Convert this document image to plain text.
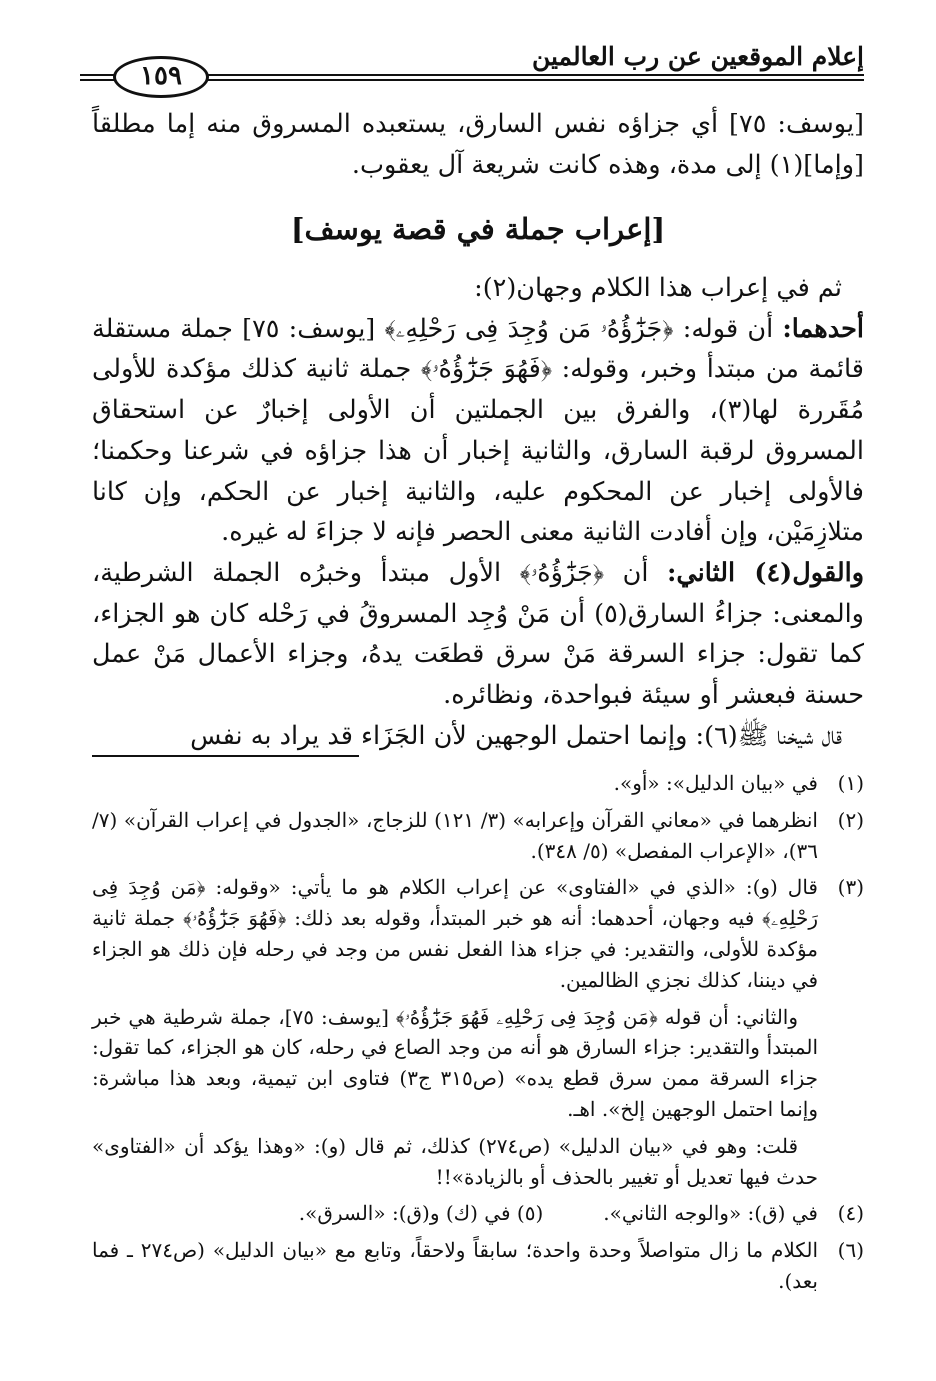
إعلام الموقعين عن رب العالمين
١٥٩

[يوسف: ٧٥] أي جزاؤه نفس السارق، يستعبده المسروق منه إما مطلقاً [وإما](١) إلى مدة، وهذه كانت شريعة آل يعقوب.

[إعراب جملة في قصة يوسف]

ثم في إعراب هذا الكلام وجهان(٢):

أحدهما: أن قوله: ﴿جَزَٰٓؤُهُۥ مَن وُجِدَ فِى رَحْلِهِۦ﴾ [يوسف: ٧٥] جملة مستقلة قائمة من مبتدأ وخبر، وقوله: ﴿فَهُوَ جَزَٰٓؤُهُۥ﴾ جملة ثانية كذلك مؤكدة للأولى مُقَررة لها(٣)، والفرق بين الجملتين أن الأولى إخبارٌ عن استحقاق المسروق لرقبة السارق، والثانية إخبار أن هذا جزاؤه في شرعنا وحكمنا؛ فالأولى إخبار عن المحكوم عليه، والثانية إخبار عن الحكم، وإن كانا متلازِمَيْن، وإن أفادت الثانية معنى الحصر فإنه لا جزاءَ له غيره.

والقول(٤) الثاني: أن ﴿جَزَٰٓؤُهُۥ﴾ الأول مبتدأ وخبرُه الجملة الشرطية، والمعنى: جزاءُ السارق(٥) أن مَنْ وُجِد المسروقُ في رَحْله كان هو الجزاء، كما تقول: جزاء السرقة مَنْ سرق قطعَت يدهُ، وجزاء الأعمال مَنْ عمل حسنة فبعشر أو سيئة فبواحدة، ونظائره.

قال شيخنا ﷺ(٦): وإنما احتمل الوجهين لأن الجَزَاء قد يراد به نفس

(١)
في «بيان الدليل»: «أو».
(٢)
انظرهما في «معاني القرآن وإعرابه» (٣/ ١٢١) للزجاج، «الجدول في إعراب القرآن» (٧/ ٣٦)، «الإعراب المفصل» (٥/ ٣٤٨).
(٣)
قال (و): «الذي في «الفتاوى» عن إعراب الكلام هو ما يأتي: «وقوله: ﴿مَن وُجِدَ فِى رَحْلِهِۦ﴾ فيه وجهان، أحدهما: أنه هو خبر المبتدأ، وقوله بعد ذلك: ﴿فَهُوَ جَزَٰٓؤُهُۥ﴾ جملة ثانية مؤكدة للأولى، والتقدير: في جزاء هذا الفعل نفس من وجد في رحله فإن ذلك هو الجزاء في ديننا، كذلك نجزي الظالمين.
والثاني: أن قوله ﴿مَن وُجِدَ فِى رَحْلِهِۦ فَهُوَ جَزَٰٓؤُهُۥ﴾ [يوسف: ٧٥]، جملة شرطية هي خبر المبتدأ والتقدير: جزاء السارق هو أنه من وجد الصاع في رحله، كان هو الجزاء، كما تقول: جزاء السرقة ممن سرق قطع يده» (ص٣١٥ ج٣) فتاوى ابن تيمية، وبعد هذا مباشرة: وإنما احتمل الوجهين إلخ». اهـ.
قلت: وهو في «بيان الدليل» (ص٢٧٤) كذلك، ثم قال (و): «وهذا يؤكد أن «الفتاوى» حدث فيها تعديل أو تغيير بالحذف أو بالزيادة»!!
(٤)
في (ق): «والوجه الثاني».
(٥) في (ك) و(ق): «السرق».
(٦)
الكلام ما زال متواصلاً وحدة واحدة؛ سابقاً ولاحقاً، وتابع مع «بيان الدليل» (ص٢٧٤ ـ فما بعد).
